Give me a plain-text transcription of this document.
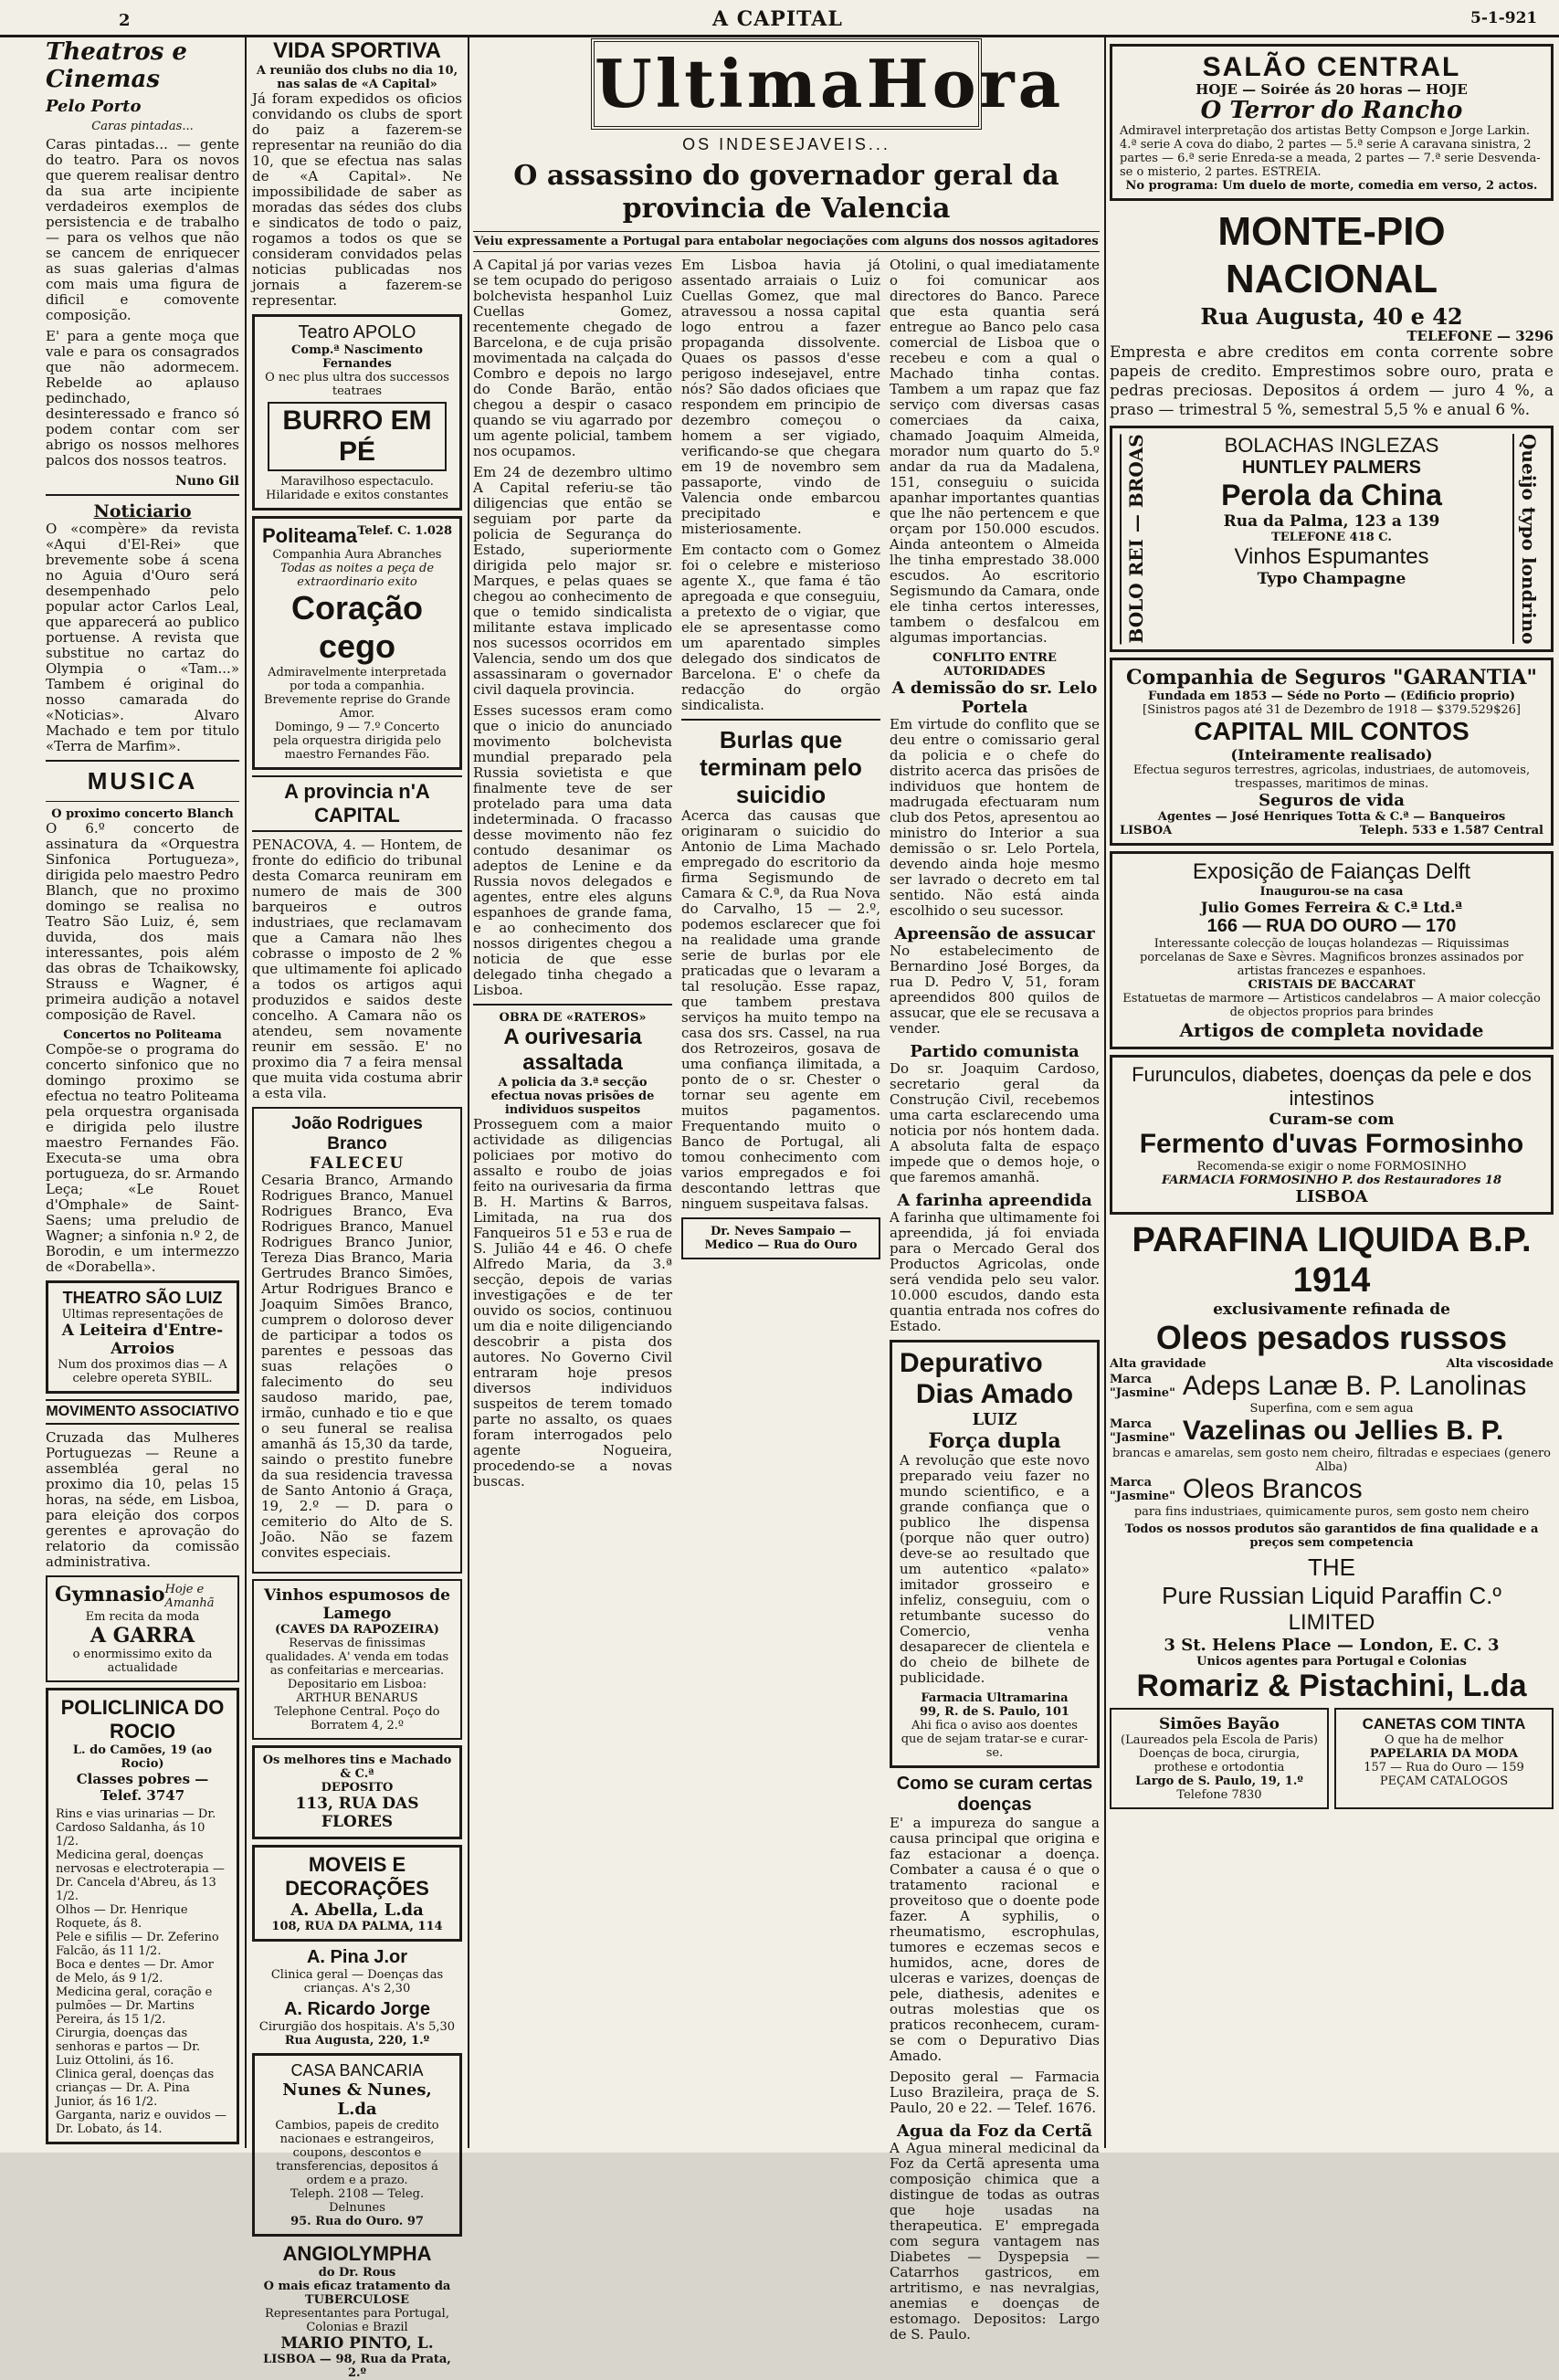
2	A CAPITAL	5-1-921
Theatros e Cinemas
Pelo Porto
Caras pintadas...

Caras pintadas... — gente do teatro. Para os novos que querem realisar dentro da sua arte incipiente verdadeiros exemplos de persistencia e de trabalho — para os velhos que não se cancem de enriquecer as suas galerias d'almas com mais uma figura de dificil e comovente composição.

E' para a gente moça que vale e para os consagrados que não adormecem. Rebelde ao aplauso pedinchado, desinteressado e franco só podem contar com ser abrigo os nossos melhores palcos dos nossos teatros.

Nuno Gil
Noticiario

O «compère» da revista «Aqui d'El-Rei» que brevemente sobe á scena no Aguia d'Ouro será desempenhado pelo popular actor Carlos Leal, que apparecerá ao publico portuense. A revista que substitue no cartaz do Olympia o «Tam...» Tambem é original do nosso camarada do «Noticias». Alvaro Machado e tem por titulo «Terra de Marfim».

MUSICA
O proximo concerto Blanch

O 6.º concerto de assinatura da «Orquestra Sinfonica Portugueza», dirigida pelo maestro Pedro Blanch, que no proximo domingo se realisa no Teatro São Luiz, é, sem duvida, dos mais interessantes, pois além das obras de Tchaikowsky, Strauss e Wagner, é primeira audição a notavel composição de Ravel.

Concertos no Politeama

Compõe-se o programa do concerto sinfonico que no domingo proximo se efectua no teatro Politeama pela orquestra organisada e dirigida pelo ilustre maestro Fernandes Fão. Executa-se uma obra portugueza, do sr. Armando Leça; «Le Rouet d'Omphale» de Saint-Saens; uma preludio de Wagner; a sinfonia n.º 2, de Borodin, e um intermezzo de «Dorabella».

THEATRO SÃO LUIZ
Ultimas representações de
A Leiteira d'Entre-Arroios
Num dos proximos dias — A celebre opereta SYBIL.
MOVIMENTO ASSOCIATIVO

Cruzada das Mulheres Portuguezas — Reune a assembléa geral no proximo dia 10, pelas 15 horas, na séde, em Lisboa, para eleição dos corpos gerentes e aprovação do relatorio da comissão administrativa.

Gymnasio Hoje e Amanhã
Em recita da moda
A GARRA
o enormissimo exito da actualidade
POLICLINICA DO ROCIO
L. do Camões, 19 (ao Rocio)
Classes pobres — Telef. 3747
Rins e vias urinarias — Dr. Cardoso Saldanha, ás 10 1/2.
Medicina geral, doenças nervosas e electroterapia — Dr. Cancela d'Abreu, ás 13 1/2.
Olhos — Dr. Henrique Roquete, ás 8.
Pele e sifilis — Dr. Zeferino Falcão, ás 11 1/2.
Boca e dentes — Dr. Amor de Melo, ás 9 1/2.
Medicina geral, coração e pulmões — Dr. Martins Pereira, ás 15 1/2.
Cirurgia, doenças das senhoras e partos — Dr. Luiz Ottolini, ás 16.
Clinica geral, doenças das crianças — Dr. A. Pina Junior, ás 16 1/2.
Garganta, nariz e ouvidos — Dr. Lobato, ás 14.
VIDA SPORTIVA
A reunião dos clubs no dia 10, nas salas de «A Capital»

Já foram expedidos os oficios convidando os clubs de sport do paiz a fazerem-se representar na reunião do dia 10, que se efectua nas salas de «A Capital». Ne impossibilidade de saber as moradas das sédes dos clubs e sindicatos de todo o paiz, rogamos a todos os que se consideram convidados pelas noticias publicadas nos jornais a fazerem-se representar.

Teatro APOLO
Comp.ª Nascimento Fernandes
O nec plus ultra dos successos teatraes
BURRO EM PÉ
Maravilhoso espectaculo. Hilaridade e exitos constantes
Politeama Telef. C. 1.028
Companhia Aura Abranches
Todas as noites a peça de extraordinario exito
Coração cego
Admiravelmente interpretada por toda a companhia. Brevemente reprise do Grande Amor.
Domingo, 9 — 7.º Concerto pela orquestra dirigida pelo maestro Fernandes Fão.
A provincia n'A CAPITAL

PENACOVA, 4. — Hontem, de fronte do edificio do tribunal desta Comarca reuniram em numero de mais de 300 barqueiros e outros industriaes, que reclamavam que a Camara não lhes cobrasse o imposto de 2 % que ultimamente foi aplicado a todos os artigos aqui produzidos e saidos deste concelho. A Camara não os atendeu, sem novamente reunir em sessão. E' no proximo dia 7 a feira mensal que muita vida costuma abrir a esta vila.

João Rodrigues Branco
FALECEU

Cesaria Branco, Armando Rodrigues Branco, Manuel Rodrigues Branco, Eva Rodrigues Branco, Manuel Rodrigues Branco Junior, Tereza Dias Branco, Maria Gertrudes Branco Simões, Artur Rodrigues Branco e Joaquim Simões Branco, cumprem o doloroso dever de participar a todos os parentes e pessoas das suas relações o falecimento do seu saudoso marido, pae, irmão, cunhado e tio e que o seu funeral se realisa amanhã ás 15,30 da tarde, saindo o prestito funebre da sua residencia travessa de Santo Antonio á Graça, 19, 2.º — D. para o cemiterio do Alto de S. João. Não se fazem convites especiais.

Vinhos espumosos de Lamego
(CAVES DA RAPOZEIRA)
Reservas de finissimas qualidades. A' venda em todas as confeitarias e mercearias.
Depositario em Lisboa: ARTHUR BENARUS
Telephone Central. Poço do Borratem 4, 2.º
Os melhores tins e Machado & C.ª
DEPOSITO
113, RUA DAS FLORES
MOVEIS E DECORAÇÕES
A. Abella, L.da
108, RUA DA PALMA, 114
A. Pina J.or
Clinica geral — Doenças das crianças. A's 2,30
A. Ricardo Jorge
Cirurgião dos hospitais. A's 5,30
Rua Augusta, 220, 1.º
CASA BANCARIA
Nunes & Nunes, L.da
Cambios, papeis de credito nacionaes e estrangeiros, coupons, descontos e transferencias, depositos á ordem e a prazo.
Teleph. 2108 — Teleg. Delnunes
95. Rua do Ouro. 97
ANGIOLYMPHA
do Dr. Rous
O mais eficaz tratamento da TUBERCULOSE
Representantes para Portugal, Colonias e Brazil
MARIO PINTO, L.
LISBOA — 98, Rua da Prata, 2.º
UltimaHora
OS INDESEJAVEIS...
O assassino do governador geral da provincia de Valencia
Veiu expressamente a Portugal para entabolar negociações com alguns dos nossos agitadores

A Capital já por varias vezes se tem ocupado do perigoso bolchevista hespanhol Luiz Cuellas Gomez, recentemente chegado de Barcelona, e de cuja prisão movimentada na calçada do Combro e depois no largo do Conde Barão, então chegou a despir o casaco quando se viu agarrado por um agente policial, tambem nos ocupamos.

Em 24 de dezembro ultimo A Capital referiu-se tão diligencias que então se seguiam por parte da policia de Segurança do Estado, superiormente dirigida pelo major sr. Marques, e pelas quaes se chegou ao conhecimento de que o temido sindicalista militante estava implicado nos sucessos ocorridos em Valencia, sendo um dos que assassinaram o governador civil daquela provincia.

Esses sucessos eram como que o inicio do anunciado movimento bolchevista mundial preparado pela Russia sovietista e que finalmente teve de ser protelado para uma data indeterminada. O fracasso desse movimento não fez contudo desanimar os adeptos de Lenine e da Russia novos delegados e agentes, entre eles alguns espanhoes de grande fama, e ao conhecimento dos nossos dirigentes chegou a noticia de que esse delegado tinha chegado a Lisboa.

OBRA DE «RATEROS»
A ourivesaria assaltada
A policia da 3.ª secção efectua novas prisões de individuos suspeitos

Prosseguem com a maior actividade as diligencias policiaes por motivo do assalto e roubo de joias feito na ourivesaria da firma B. H. Martins & Barros, Limitada, na rua dos Fanqueiros 51 e 53 e rua de S. Julião 44 e 46. O chefe Alfredo Maria, da 3.ª secção, depois de varias investigações e de ter ouvido os socios, continuou um dia e noite diligenciando descobrir a pista dos autores. No Governo Civil entraram hoje presos diversos individuos suspeitos de terem tomado parte no assalto, os quaes foram interrogados pelo agente Nogueira, procedendo-se a novas buscas.

Em Lisboa havia já assentado arraiais o Luiz Cuellas Gomez, que mal atravessou a nossa capital logo entrou a fazer propaganda dissolvente. Quaes os passos d'esse perigoso indesejavel, entre nós? São dados oficiaes que respondem em principio de dezembro começou o homem a ser vigiado, verificando-se que chegara em 19 de novembro sem passaporte, vindo de Valencia onde embarcou precipitado e misteriosamente.

Em contacto com o Gomez foi o celebre e misterioso agente X., que fama é tão apregoada e que conseguiu, a pretexto de o vigiar, que ele se apresentasse como um aparentado simples delegado dos sindicatos de Barcelona. E' o chefe da redacção do orgão sindicalista.

Burlas que terminam pelo suicidio

Acerca das causas que originaram o suicidio do Antonio de Lima Machado empregado do escritorio da firma Segismundo de Camara & C.ª, da Rua Nova do Carvalho, 15 — 2.º, podemos esclarecer que foi na realidade uma grande serie de burlas por ele praticadas que o levaram a tal resolução. Esse rapaz, que tambem prestava serviços ha muito tempo na casa dos srs. Cassel, na rua dos Retrozeiros, gosava de uma confiança ilimitada, a ponto de o sr. Chester o tornar seu agente em muitos pagamentos. Frequentando muito o Banco de Portugal, ali tomou conhecimento com varios empregados e foi descontando lettras que ninguem suspeitava falsas.

Dr. Neves Sampaio — Medico — Rua do Ouro

Otolini, o qual imediatamente o foi comunicar aos directores do Banco. Parece que esta quantia será entregue ao Banco pelo casa comercial de Lisboa que o recebeu e com a qual o Machado tinha contas. Tambem a um rapaz que faz serviço com diversas casas comerciaes da caixa, chamado Joaquim Almeida, morador num quarto do 5.º andar da rua da Madalena, 151, conseguiu o suicida apanhar importantes quantias que lhe não pertencem e que orçam por 150.000 escudos. Ainda anteontem o Almeida lhe tinha emprestado 38.000 escudos. Ao escritorio Segismundo da Camara, onde ele tinha certos interesses, tambem o desfalcou em algumas importancias.

CONFLITO ENTRE AUTORIDADES
A demissão do sr. Lelo Portela

Em virtude do conflito que se deu entre o comissario geral da policia e o chefe do distrito acerca das prisões de individuos que hontem de madrugada efectuaram num club dos Petos, apresentou ao ministro do Interior a sua demissão o sr. Lelo Portela, devendo ainda hoje mesmo ser lavrado o decreto em tal sentido. Não está ainda escolhido o seu sucessor.

Apreensão de assucar

No estabelecimento de Bernardino José Borges, da rua D. Pedro V, 51, foram apreendidos 800 quilos de assucar, que ele se recusava a vender.

Partido comunista

Do sr. Joaquim Cardoso, secretario geral da Construção Civil, recebemos uma carta esclarecendo uma noticia por nós hontem dada. A absoluta falta de espaço impede que o demos hoje, o que faremos amanhã.

A farinha apreendida

A farinha que ultimamente foi apreendida, já foi enviada para o Mercado Geral dos Productos Agricolas, onde será vendida pelo seu valor. 10.000 escudos, dando esta quantia entrada nos cofres do Estado.

Depurativo
Dias Amado
LUIZ
Força dupla

A revolução que este novo preparado veiu fazer no mundo scientifico, e a grande confiança que o publico lhe dispensa (porque não quer outro) deve-se ao resultado que um autentico «palato» imitador grosseiro e infeliz, conseguiu, com o retumbante sucesso do Comercio, venha desaparecer de clientela e do cheio de bilhete de publicidade.

Farmacia Ultramarina
99, R. de S. Paulo, 101
Ahi fica o aviso aos doentes que de sejam tratar-se e curar-se.
Como se curam certas doenças

E' a impureza do sangue a causa principal que origina e faz estacionar a doença. Combater a causa é o que o tratamento racional e proveitoso que o doente pode fazer. A syphilis, o rheumatismo, escrophulas, tumores e eczemas secos e humidos, acne, dores de ulceras e varizes, doenças de pele, diathesis, adenites e outras molestias que os praticos reconhecem, curam-se com o Depurativo Dias Amado.

Deposito geral — Farmacia Luso Brazileira, praça de S. Paulo, 20 e 22. — Telef. 1676.

Agua da Foz da Certã

A Agua mineral medicinal da Foz da Certã apresenta uma composição chimica que a distingue de todas as outras que hoje usadas na therapeutica. E' empregada com segura vantagem nas Diabetes — Dyspepsia — Catarrhos gastricos, em artritismo, e nas nevralgias, anemias e doenças de estomago. Depositos: Largo de S. Paulo.

SALÃO CENTRAL
HOJE — Soirée ás 20 horas — HOJE
O Terror do Rancho
Admiravel interpretação dos artistas Betty Compson e Jorge Larkin. 4.ª serie A cova do diabo, 2 partes — 5.ª serie A caravana sinistra, 2 partes — 6.ª serie Enreda-se a meada, 2 partes — 7.ª serie Desvenda-se o misterio, 2 partes. ESTREIA.
No programa: Um duelo de morte, comedia em verso, 2 actos.
MONTE-PIO NACIONAL
Rua Augusta, 40 e 42
TELEFONE — 3296

Empresta e abre creditos em conta corrente sobre papeis de credito. Emprestimos sobre ouro, prata e pedras preciosas. Depositos á ordem — juro 4 %, a praso — trimestral 5 %, semestral 5,5 % e anual 6 %.

BOLO REI — BROAS	BOLACHAS INGLEZAS
HUNTLEY PALMERS
Perola da China
Rua da Palma, 123 a 139
TELEFONE 418 C.
Vinhos Espumantes
Typo Champagne	Queijo typo londrino
Companhia de Seguros "GARANTIA"
Fundada em 1853 — Séde no Porto — (Edificio proprio)
[Sinistros pagos até 31 de Dezembro de 1918 — $379.529$26]
CAPITAL MIL CONTOS
(Inteiramente realisado)
Efectua seguros terrestres, agricolas, industriaes, de automoveis, trespasses, maritimos de minas.
Seguros de vida
Agentes — José Henriques Totta & C.ª — Banqueiros
LISBOA	Teleph. 533 e 1.587 Central
Exposição de Faianças Delft
Inaugurou-se na casa
Julio Gomes Ferreira & C.ª Ltd.ª
166 — RUA DO OURO — 170
Interessante colecção de louças holandezas — Riquissimas porcelanas de Saxe e Sèvres. Magnificos bronzes assinados por artistas francezes e espanhoes.
CRISTAIS DE BACCARAT
Estatuetas de marmore — Artisticos candelabros — A maior colecção de objectos proprios para brindes
Artigos de completa novidade
Furunculos, diabetes, doenças da pele e dos intestinos
Curam-se com
Fermento d'uvas Formosinho
Recomenda-se exigir o nome FORMOSINHO
FARMACIA FORMOSINHO P. dos Restauradores 18
LISBOA
PARAFINA LIQUIDA B.P. 1914
exclusivamente refinada de
Oleos pesados russos
Alta gravidade	Alta viscosidade
Marca
"Jasmine" Adeps Lanæ B. P. Lanolinas
Superfina, com e sem agua
Marca
"Jasmine" Vazelinas ou Jellies B. P.
brancas e amarelas, sem gosto nem cheiro, filtradas e especiaes (genero Alba)
Marca
"Jasmine" Oleos Brancos
para fins industriaes, quimicamente puros, sem gosto nem cheiro
Todos os nossos produtos são garantidos de fina qualidade e a preços sem competencia
THE
Pure Russian Liquid Paraffin C.º
LIMITED
3 St. Helens Place — London, E. C. 3
Unicos agentes para Portugal e Colonias
Romariz & Pistachini, L.da
Simões Bayão
(Laureados pela Escola de Paris)
Doenças de boca, cirurgia, prothese e ortodontia
Largo de S. Paulo, 19, 1.º
Telefone 7830
CANETAS COM TINTA
O que ha de melhor
PAPELARIA DA MODA
157 — Rua do Ouro — 159
PEÇAM CATALOGOS
